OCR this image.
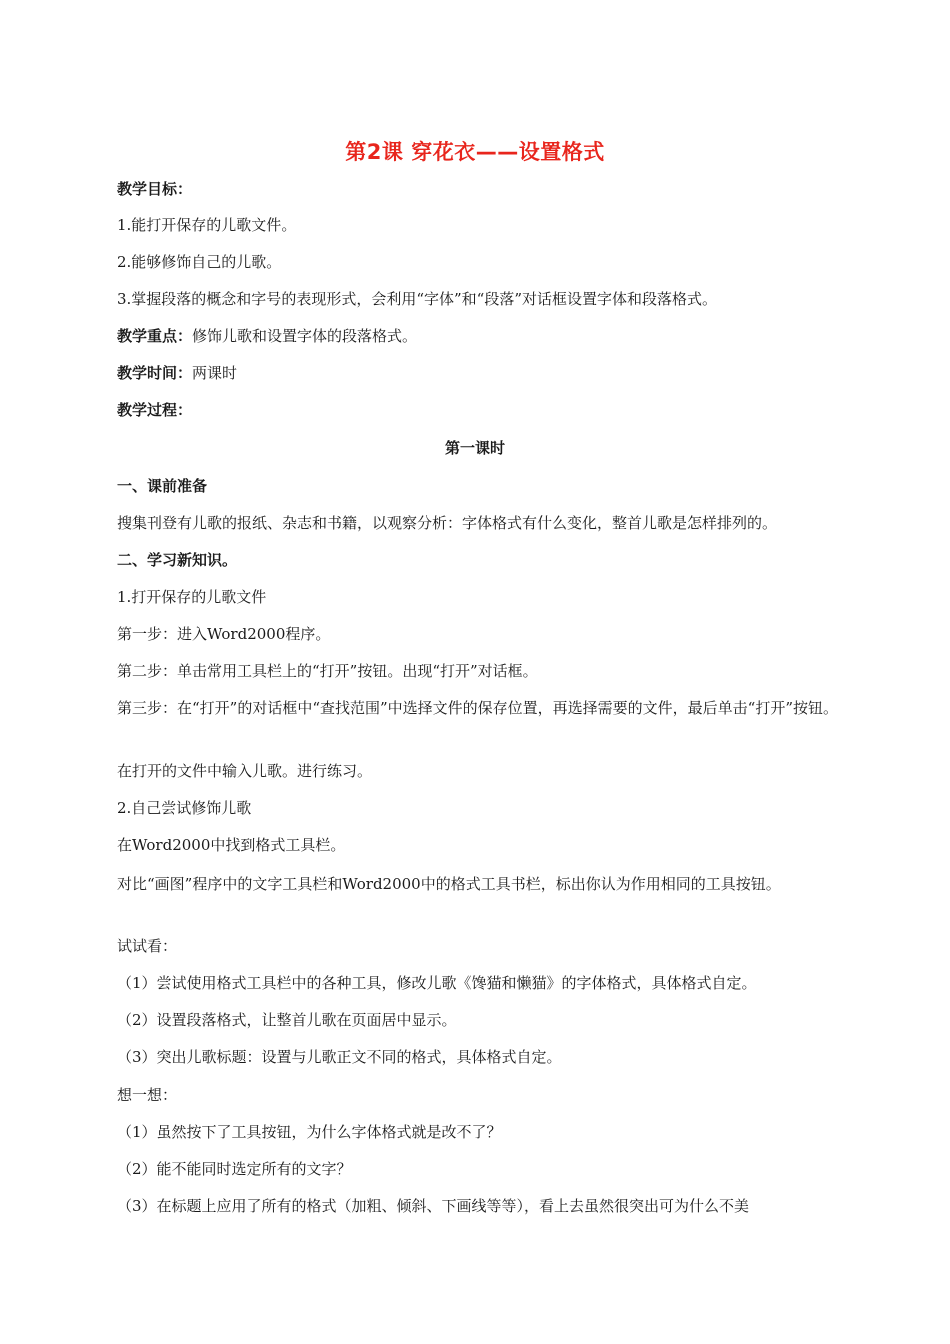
第2课 穿花衣——设置格式
教学目标：
1.能打开保存的儿歌文件。
2.能够修饰自己的儿歌。
3.掌握段落的概念和字号的表现形式，会利用“字体”和“段落”对话框设置字体和段落格式。
教学重点：修饰儿歌和设置字体的段落格式。
教学时间：两课时
教学过程：
第一课时
一、课前准备
搜集刊登有儿歌的报纸、杂志和书籍，以观察分析：字体格式有什么变化，整首儿歌是怎样排列的。
二、学习新知识。
1.打开保存的儿歌文件
第一步：进入Word2000程序。
第二步：单击常用工具栏上的“打开”按钮。出现“打开”对话框。
第三步：在“打开”的对话框中“查找范围”中选择文件的保存位置，再选择需要的文件，最后单击“打开”按钮。
在打开的文件中输入儿歌。进行练习。
2.自己尝试修饰儿歌
在Word2000中找到格式工具栏。
对比“画图”程序中的文字工具栏和Word2000中的格式工具书栏，标出你认为作用相同的工具按钮。
试试看：
（1）尝试使用格式工具栏中的各种工具，修改儿歌《馋猫和懒猫》的字体格式，具体格式自定。
（2）设置段落格式，让整首儿歌在页面居中显示。
（3）突出儿歌标题：设置与儿歌正文不同的格式，具体格式自定。
想一想：
（1）虽然按下了工具按钮，为什么字体格式就是改不了？
（2）能不能同时选定所有的文字？
（3）在标题上应用了所有的格式（加粗、倾斜、下画线等等），看上去虽然很突出可为什么不美
